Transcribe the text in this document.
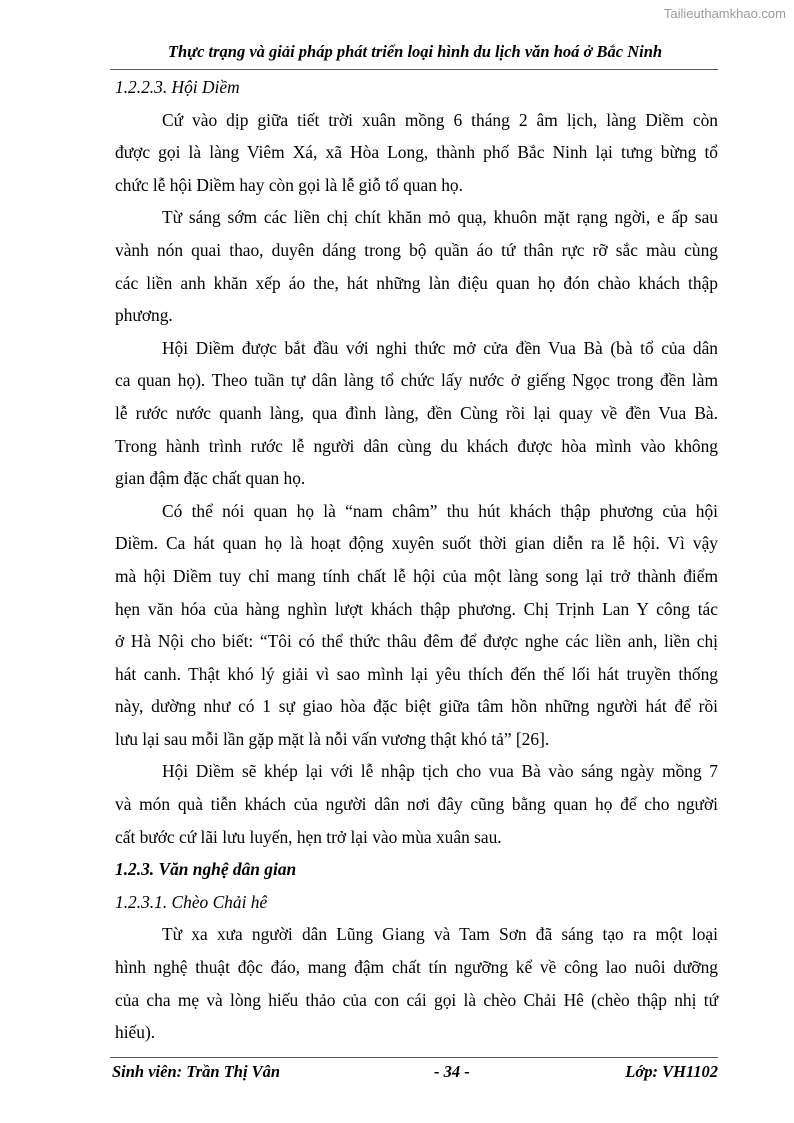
Tailieuthamkhao.com
Thực trạng và giải pháp phát triển loại hình du lịch văn hoá ở Bắc Ninh
1.2.2.3. Hội Diềm
Cứ vào dịp giữa tiết trời xuân mồng 6 tháng 2 âm lịch, làng Diềm còn
được gọi là làng Viêm Xá, xã Hòa Long, thành phố Bắc Ninh lại tưng bừng tổ
chức lễ hội Diềm hay còn gọi là lễ giỗ tổ quan họ.
Từ sáng sớm các liền chị chít khăn mỏ quạ, khuôn mặt rạng ngời, e ấp sau
vành nón quai thao, duyên dáng trong bộ quần áo tứ thân rực rỡ sắc màu cùng
các liền anh khăn xếp áo the, hát những làn điệu quan họ đón chào khách thập
phương.
Hội Diềm được bắt đầu với nghi thức mở cửa đền Vua Bà (bà tổ của dân
ca quan họ). Theo tuần tự dân làng tổ chức lấy nước ở giếng Ngọc trong đền làm
lễ rước nước quanh làng, qua đình làng, đền Cùng rồi lại quay về đền Vua Bà.
Trong hành trình rước lễ người dân cùng du khách được hòa mình vào không
gian đậm đặc chất quan họ.
Có thể nói quan họ là “nam châm” thu hút khách thập phương của hội
Diềm. Ca hát quan họ là hoạt động xuyên suốt thời gian diễn ra lễ hội. Vì vậy
mà hội Diềm tuy chỉ mang tính chất lễ hội của một làng song lại trở thành điểm
hẹn văn hóa của hàng nghìn lượt khách thập phương. Chị Trịnh Lan Y công tác
ở Hà Nội cho biết: “Tôi có thể thức thâu đêm để được nghe các liền anh, liền chị
hát canh. Thật khó lý giải vì sao mình lại yêu thích đến thế lối hát truyền thống
này, dường như có 1 sự giao hòa đặc biệt giữa tâm hồn những người hát để rồi
lưu lại sau mỗi lần gặp mặt là nỗi vấn vương thật khó tả” [26].
Hội Diềm sẽ khép lại với lễ nhập tịch cho vua Bà vào sáng ngày mồng 7
và món quà tiễn khách của người dân nơi đây cũng bằng quan họ để cho người
cất bước cứ lãi lưu luyến, hẹn trở lại vào mùa xuân sau.
1.2.3. Văn nghệ dân gian
1.2.3.1. Chèo Chải hê
Từ xa xưa người dân Lũng Giang và Tam Sơn đã sáng tạo ra một loại
hình nghệ thuật độc đáo, mang đậm chất tín ngưỡng kể về công lao nuôi dưỡng
của cha mẹ và lòng hiếu thảo của con cái gọi là chèo Chải Hê (chèo thập nhị tứ
hiếu).
Sinh viên: Trần Thị Vân	- 34 -	Lớp: VH1102
